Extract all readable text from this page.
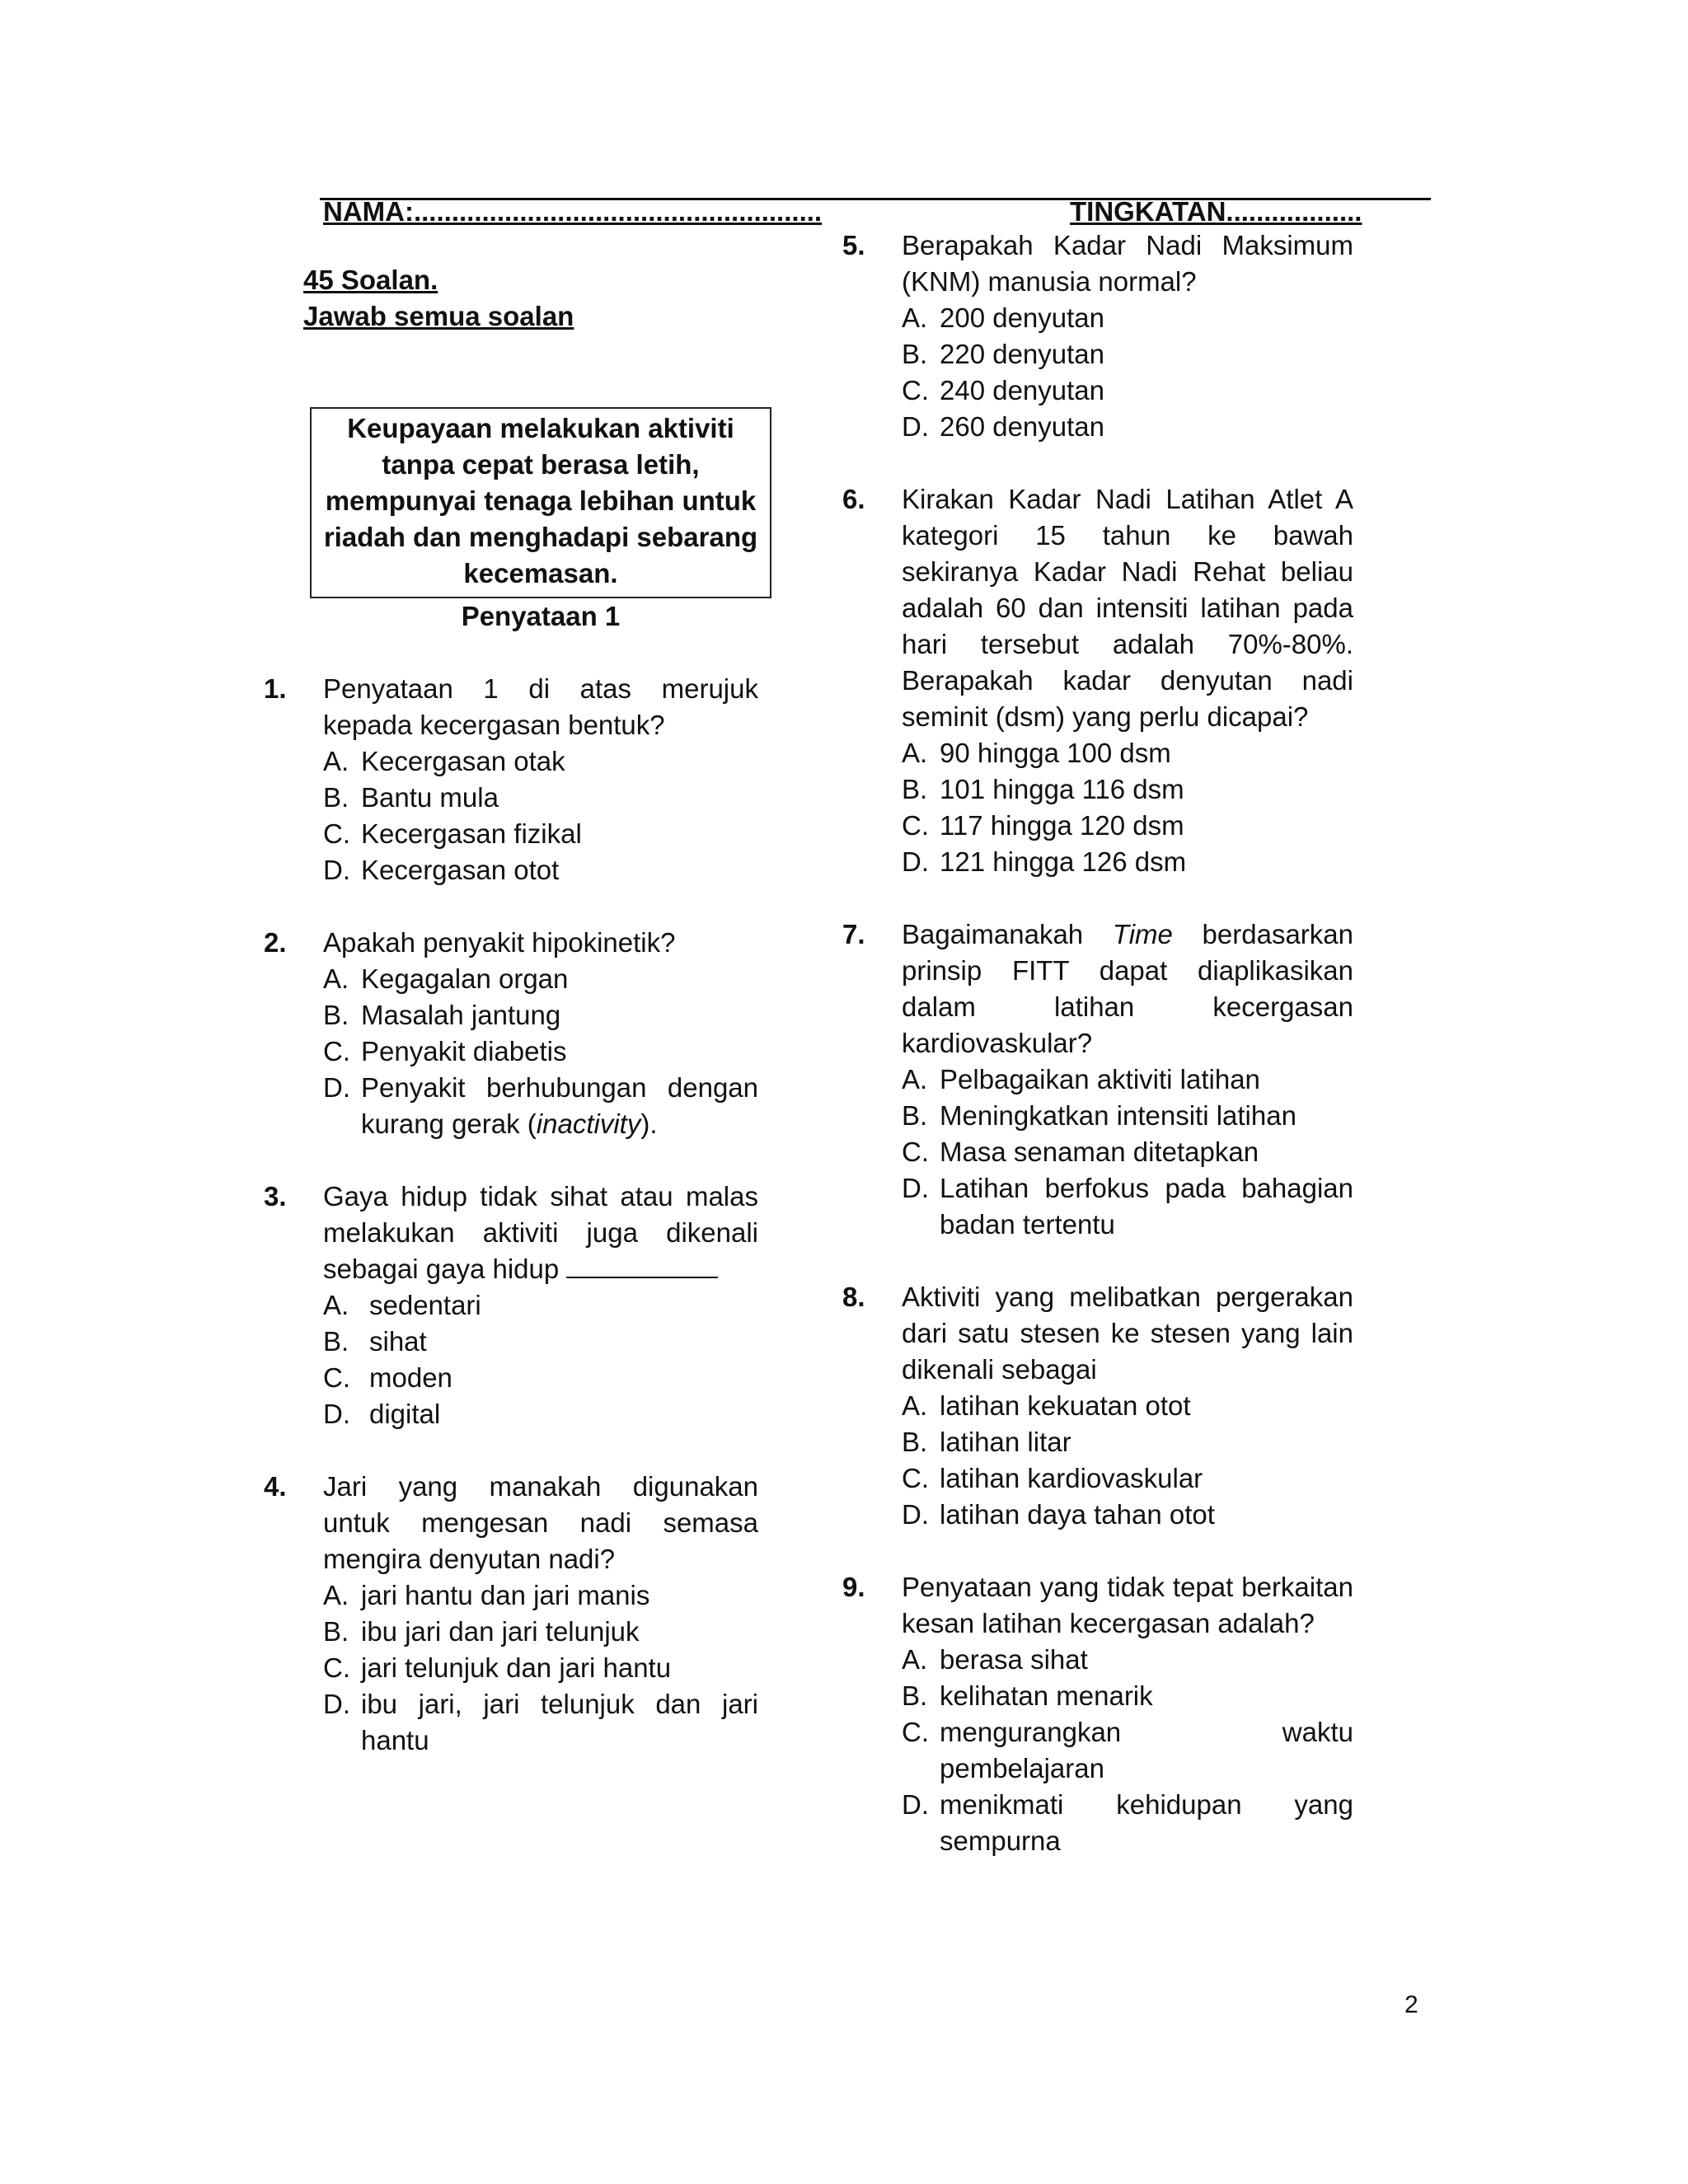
NAMA:......................................................	TINGKATAN..................
45 Soalan.
Jawab semua soalan
Keupayaan melakukan aktiviti tanpa cepat berasa letih, mempunyai tenaga lebihan untuk riadah dan menghadapi sebarang kecemasan.
Penyataan 1
1. Penyataan 1 di atas merujuk kepada kecergasan bentuk?
A. Kecergasan otak
B. Bantu mula
C. Kecergasan fizikal
D. Kecergasan otot
2. Apakah penyakit hipokinetik?
A. Kegagalan organ
B. Masalah jantung
C. Penyakit diabetis
D. Penyakit berhubungan dengan kurang gerak (inactivity).
3. Gaya hidup tidak sihat atau malas melakukan aktiviti juga dikenali sebagai gaya hidup
A. sedentari
B. sihat
C. moden
D. digital
4. Jari yang manakah digunakan untuk mengesan nadi semasa mengira denyutan nadi?
A. jari hantu dan jari manis
B. ibu jari dan jari telunjuk
C. jari telunjuk dan jari hantu
D. ibu jari, jari telunjuk dan jari hantu
5. Berapakah Kadar Nadi Maksimum (KNM) manusia normal?
A. 200 denyutan
B. 220 denyutan
C. 240 denyutan
D. 260 denyutan
6. Kirakan Kadar Nadi Latihan Atlet A kategori 15 tahun ke bawah sekiranya Kadar Nadi Rehat beliau adalah 60 dan intensiti latihan pada hari tersebut adalah 70%-80%. Berapakah kadar denyutan nadi seminit (dsm) yang perlu dicapai?
A. 90 hingga 100 dsm
B. 101 hingga 116 dsm
C. 117 hingga 120 dsm
D. 121 hingga 126 dsm
7. Bagaimanakah Time berdasarkan prinsip FITT dapat diaplikasikan dalam latihan kecergasan kardiovaskular?
A. Pelbagaikan aktiviti latihan
B. Meningkatkan intensiti latihan
C. Masa senaman ditetapkan
D. Latihan berfokus pada bahagian badan tertentu
8. Aktiviti yang melibatkan pergerakan dari satu stesen ke stesen yang lain dikenali sebagai
A. latihan kekuatan otot
B. latihan litar
C. latihan kardiovaskular
D. latihan daya tahan otot
9. Penyataan yang tidak tepat berkaitan kesan latihan kecergasan adalah?
A. berasa sihat
B. kelihatan menarik
C. mengurangkan waktu pembelajaran
D. menikmati kehidupan yang sempurna
2
